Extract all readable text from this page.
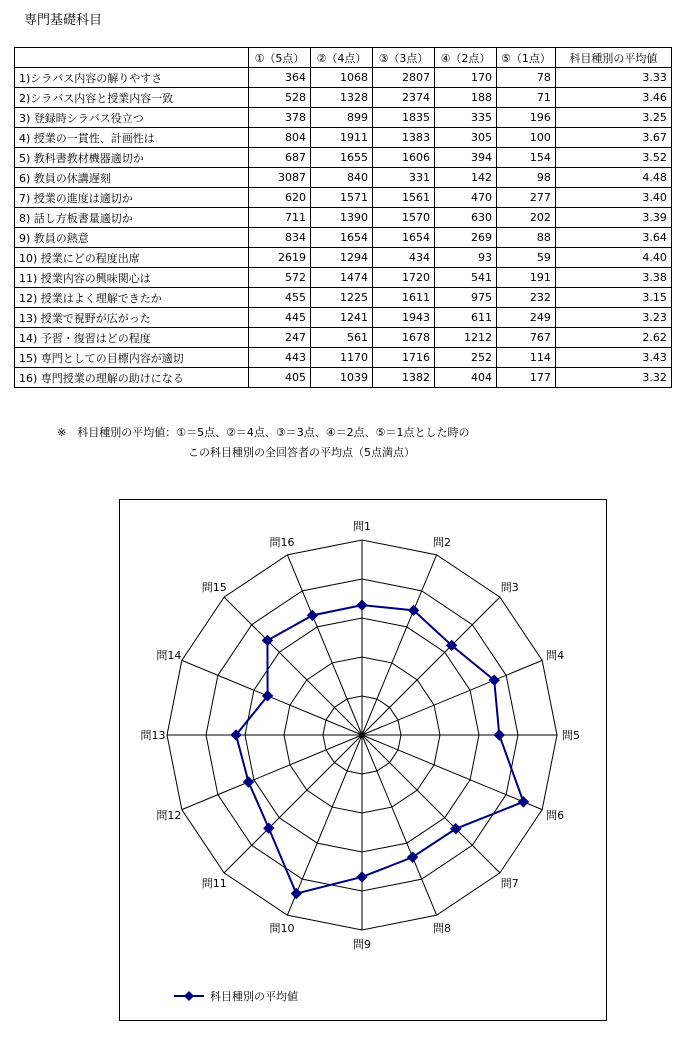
専門基礎科目
	①（5点）	②（4点）	③（3点）	④（2点）	⑤（1点）	科目種別の平均値
1)シラバス内容の解りやすさ	364	1068	2807	170	78	3.33
2)シラバス内容と授業内容一致	528	1328	2374	188	71	3.46
3) 登録時シラバス役立つ	378	899	1835	335	196	3.25
4) 授業の一貫性、計画性は	804	1911	1383	305	100	3.67
5) 教科書教材機器適切か	687	1655	1606	394	154	3.52
6) 教員の休講遅刻	3087	840	331	142	98	4.48
7) 授業の進度は適切か	620	1571	1561	470	277	3.40
8) 話し方板書量適切か	711	1390	1570	630	202	3.39
9) 教員の熱意	834	1654	1654	269	88	3.64
10) 授業にどの程度出席	2619	1294	434	93	59	4.40
11) 授業内容の興味関心は	572	1474	1720	541	191	3.38
12) 授業はよく理解できたか	455	1225	1611	975	232	3.15
13) 授業で視野が広がった	445	1241	1943	611	249	3.23
14) 予習・復習はどの程度	247	561	1678	1212	767	2.62
15) 専門としての目標内容が適切	443	1170	1716	252	114	3.43
16) 専門授業の理解の助けになる	405	1039	1382	404	177	3.32
※　科目種別の平均値：①＝5点、②＝4点、③＝3点、④＝2点、⑤＝1点とした時の
この科目種別の全回答者の平均点（5点満点）
問1
問2
問3
問4
問5
問6
問7
問8
問9
問10
問11
問12
問13
問14
問15
問16
科目種別の平均値
